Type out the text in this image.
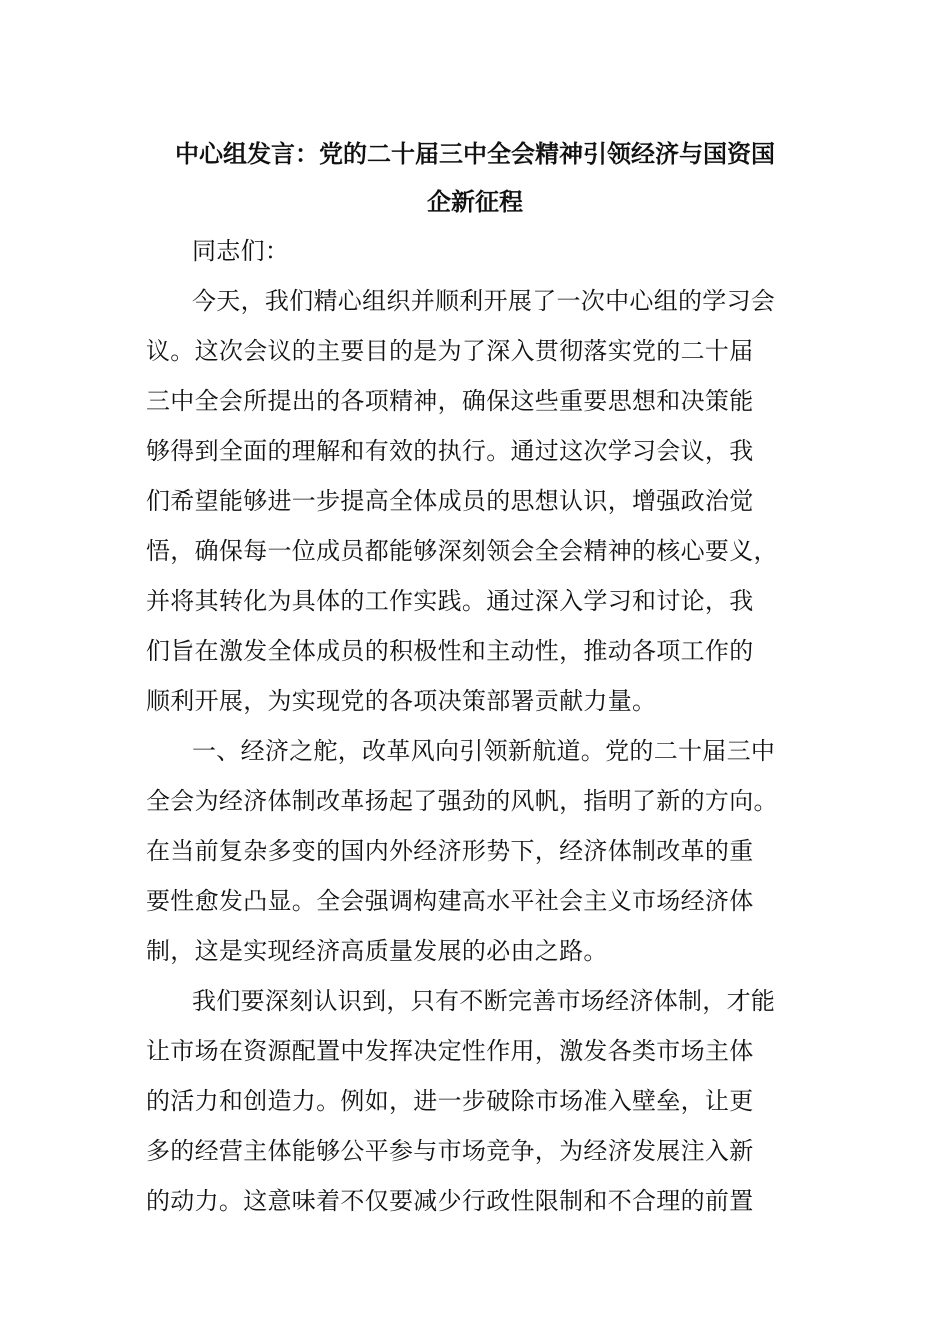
中心组发言：党的二十届三中全会精神引领经济与国资国
企新征程
同志们：
今天，我们精心组织并顺利开展了一次中心组的学习会
议。这次会议的主要目的是为了深入贯彻落实党的二十届
三中全会所提出的各项精神，确保这些重要思想和决策能
够得到全面的理解和有效的执行。通过这次学习会议，我
们希望能够进一步提高全体成员的思想认识，增强政治觉
悟，确保每一位成员都能够深刻领会全会精神的核心要义，
并将其转化为具体的工作实践。通过深入学习和讨论，我
们旨在激发全体成员的积极性和主动性，推动各项工作的
顺利开展，为实现党的各项决策部署贡献力量。
一、经济之舵，改革风向引领新航道。党的二十届三中
全会为经济体制改革扬起了强劲的风帆，指明了新的方向。
在当前复杂多变的国内外经济形势下，经济体制改革的重
要性愈发凸显。全会强调构建高水平社会主义市场经济体
制，这是实现经济高质量发展的必由之路。
我们要深刻认识到，只有不断完善市场经济体制，才能
让市场在资源配置中发挥决定性作用，激发各类市场主体
的活力和创造力。例如，进一步破除市场准入壁垒，让更
多的经营主体能够公平参与市场竞争，为经济发展注入新
的动力。这意味着不仅要减少行政性限制和不合理的前置
